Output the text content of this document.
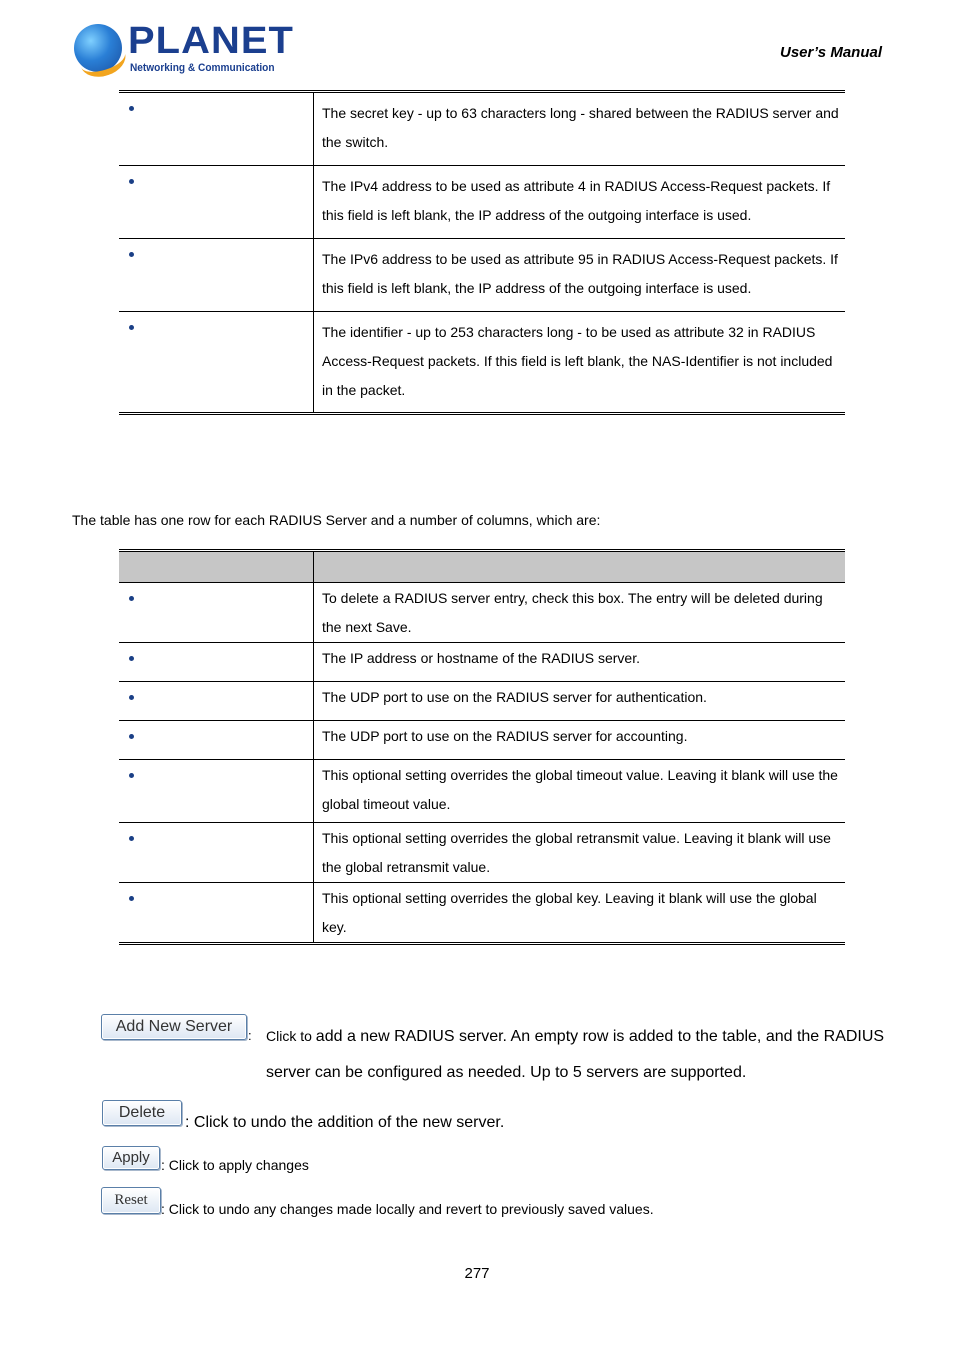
PLANET
Networking & Communication
User’s Manual
	The secret key - up to 63 characters long - shared between the RADIUS server and the switch.

	The IPv4 address to be used as attribute 4 in RADIUS Access-Request packets. If this field is left blank, the IP address of the outgoing interface is used.

	The IPv6 address to be used as attribute 95 in RADIUS Access-Request packets. If this field is left blank, the IP address of the outgoing interface is used.

	The identifier - up to 253 characters long - to be used as attribute 32 in RADIUS Access-Request packets. If this field is left blank, the NAS-Identifier is not included in the packet.
The table has one row for each RADIUS Server and a number of columns, which are:

	To delete a RADIUS server entry, check this box. The entry will be deleted during the next Save.

	The IP address or hostname of the RADIUS server.

	The UDP port to use on the RADIUS server for authentication.

	The UDP port to use on the RADIUS server for accounting.

	This optional setting overrides the global timeout value. Leaving it blank will use the global timeout value.

	This optional setting overrides the global retransmit value. Leaving it blank will use the global retransmit value.

	This optional setting overrides the global key. Leaving it blank will use the global key.
Add New Server
: Click to add a new RADIUS server. An empty row is added to the table, and the RADIUS
server can be configured as needed. Up to 5 servers are supported.
Delete
: Click to undo the addition of the new server.
Apply : Click to apply changes
Reset
: Click to undo any changes made locally and revert to previously saved values.
277
